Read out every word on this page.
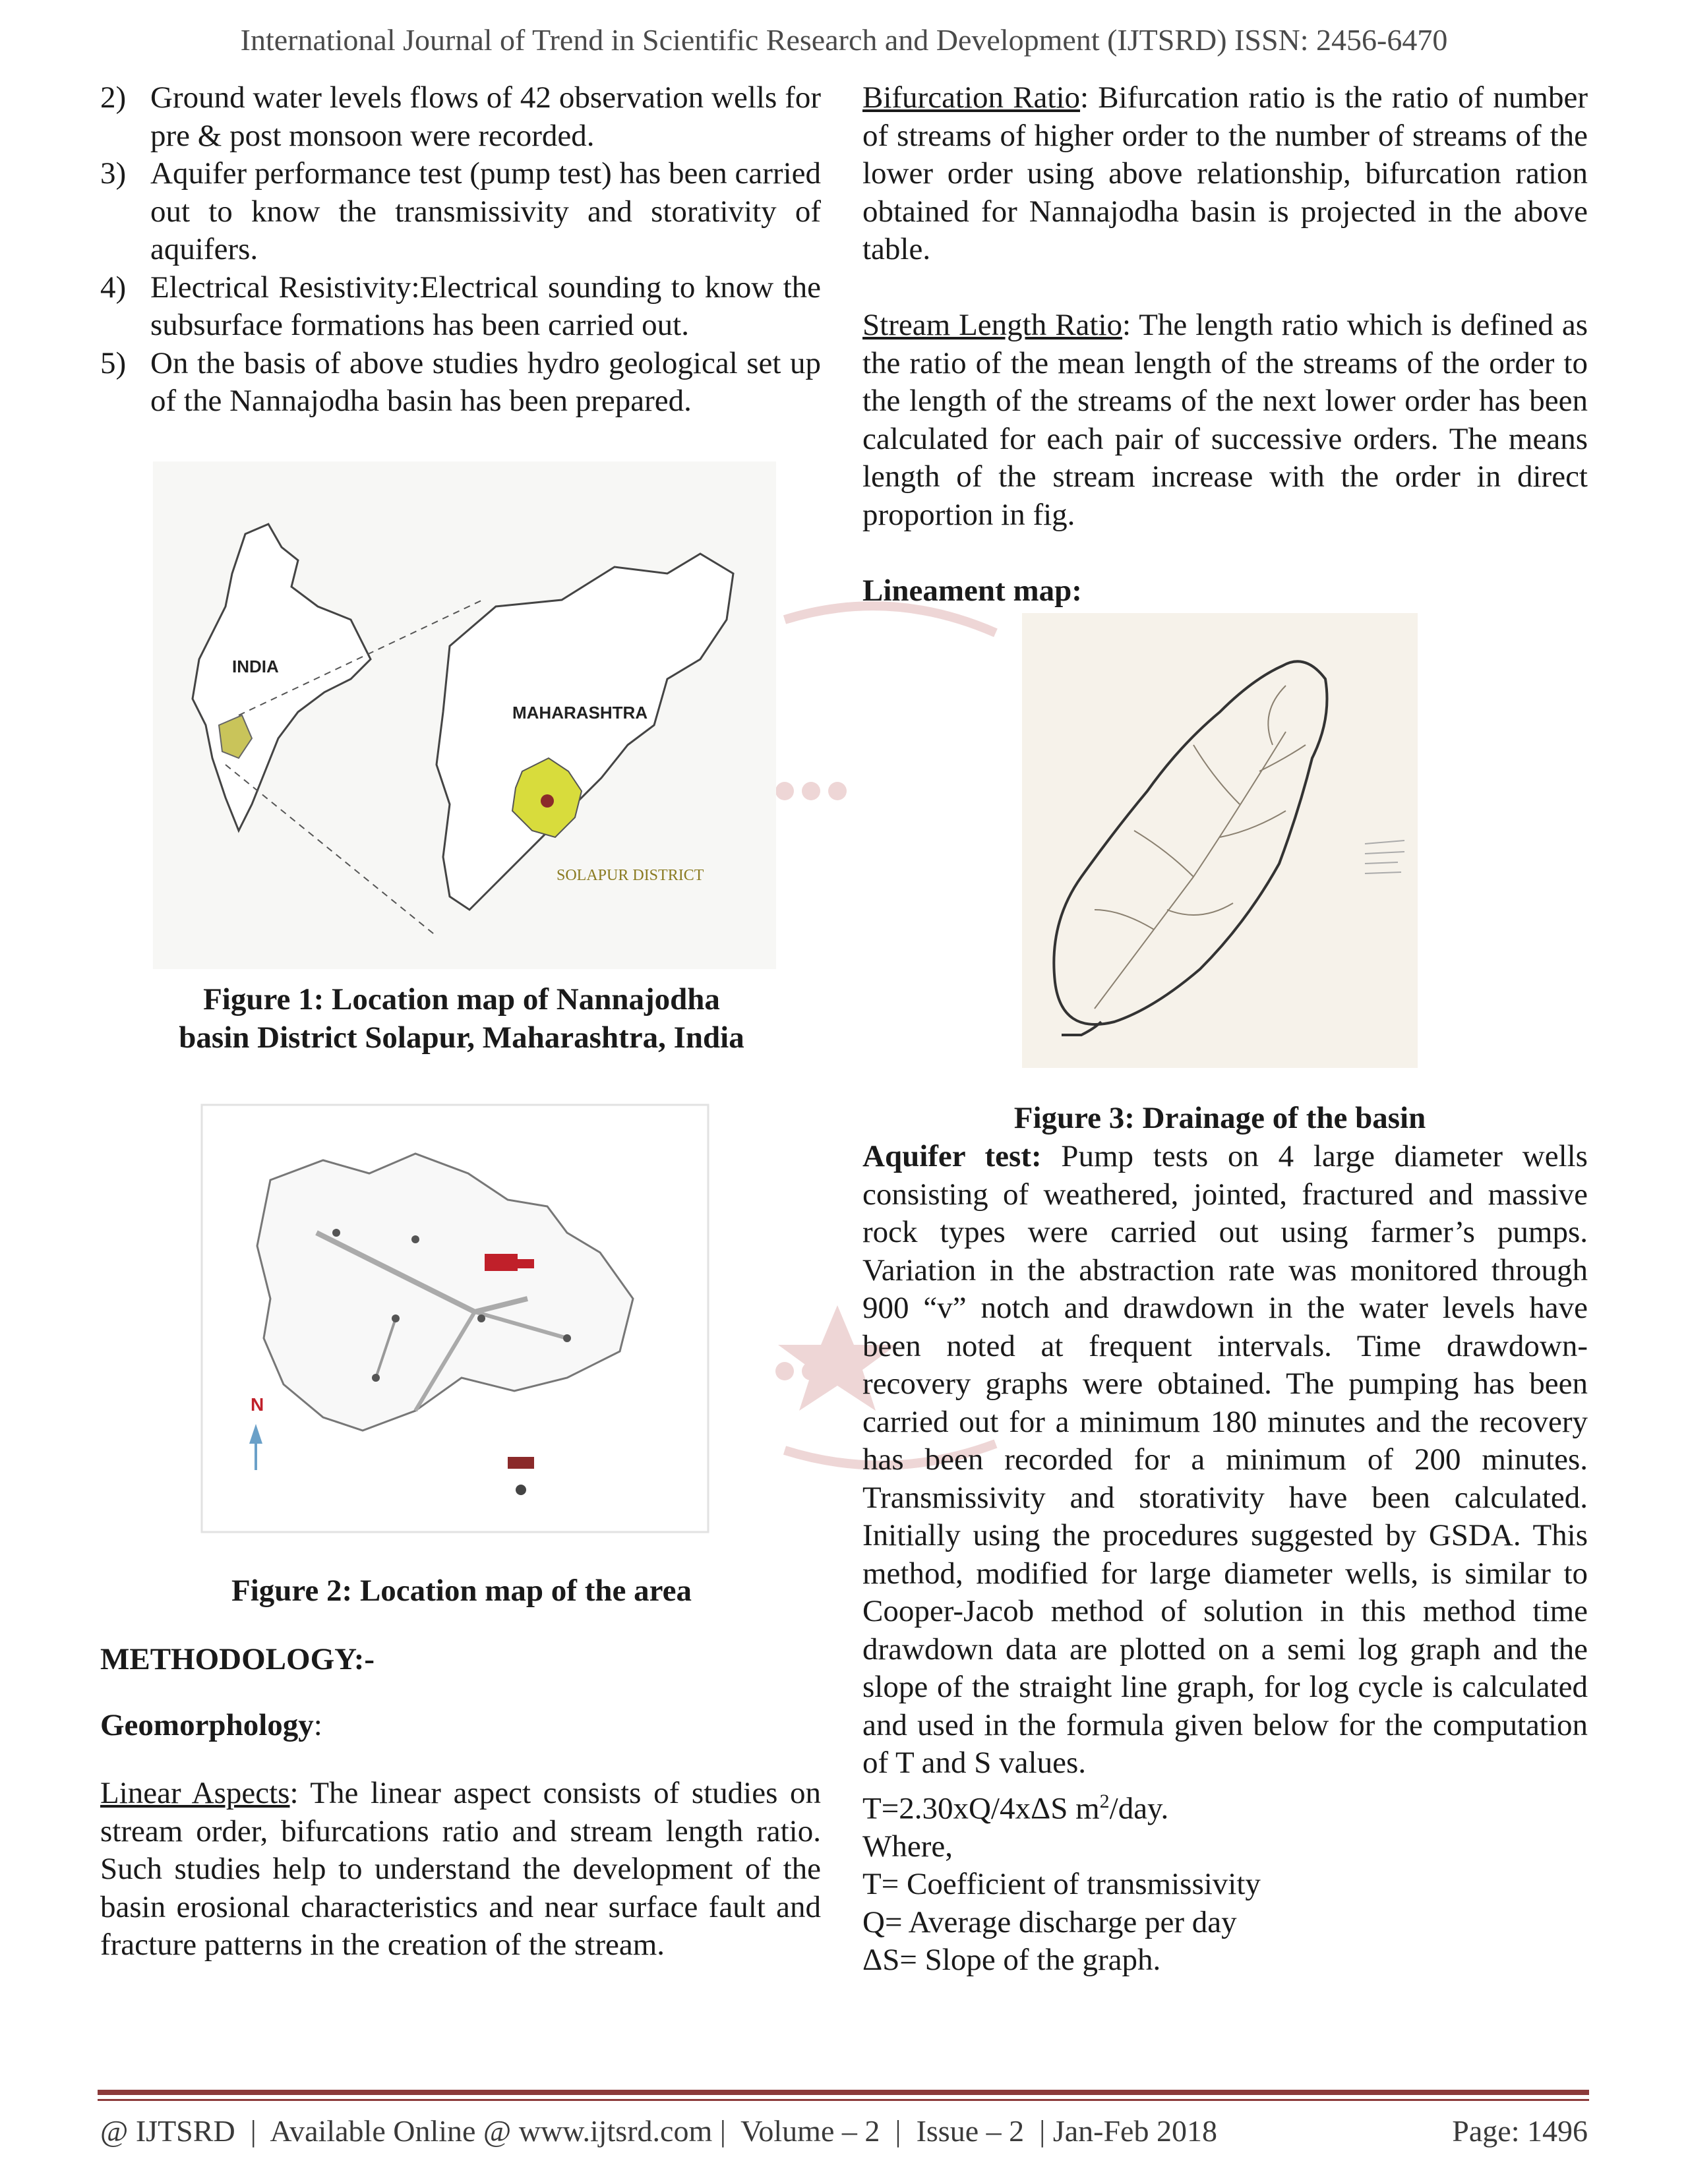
International Journal of Trend in Scientific Research and Development (IJTSRD) ISSN: 2456-6470
2) Ground water levels flows of 42 observation wells for pre & post monsoon were recorded.
3) Aquifer performance test (pump test) has been carried out to know the transmissivity and storativity of aquifers.
4) Electrical Resistivity:Electrical sounding to know the subsurface formations has been carried out.
5) On the basis of above studies hydro geological set up of the Nannajodha basin has been prepared.
INDIA
MAHARASHTRA
SOLAPUR DISTRICT
Figure 1: Location map of Nannajodha
basin District Solapur, Maharashtra, India
N
Figure 2: Location map of the area
METHODOLOGY:-
Geomorphology:

Linear Aspects: The linear aspect consists of studies on stream order, bifurcations ratio and stream length ratio. Such studies help to understand the development of the basin erosional characteristics and near surface fault and fracture patterns in the creation of the stream.

Bifurcation Ratio: Bifurcation ratio is the ratio of number of streams of higher order to the number of streams of the lower order using above relationship, bifurcation ration obtained for Nannajodha basin is projected in the above table.

Stream Length Ratio: The length ratio which is defined as the ratio of the mean length of the streams of the order to the length of the streams of the next lower order has been calculated for each pair of successive orders. The means length of the stream increase with the order in direct proportion in fig.

Lineament map:

Figure 3: Drainage of the basin

Aquifer test: Pump tests on 4 large diameter wells consisting of weathered, jointed, fractured and massive rock types were carried out using farmer’s pumps. Variation in the abstraction rate was monitored through 900 “v” notch and drawdown in the water levels have been noted at frequent intervals. Time drawdown-recovery graphs were obtained. The pumping has been carried out for a minimum 180 minutes and the recovery has been recorded for a minimum of 200 minutes. Transmissivity and storativity have been calculated. Initially using the procedures suggested by GSDA. This method, modified for large diameter wells, is similar to Cooper-Jacob method of solution in this method time drawdown data are plotted on a semi log graph and the slope of the straight line graph, for log cycle is calculated and used in the formula given below for the computation of T and S values.

T=2.30xQ/4xΔS $m^2$/day.

Where,

T= Coefficient of transmissivity

Q= Average discharge per day

ΔS= Slope of the graph.

@ IJTSRD  |  Available Online @ www.ijtsrd.com |  Volume – 2  |  Issue – 2  | Jan-Feb 2018	Page: 1496
